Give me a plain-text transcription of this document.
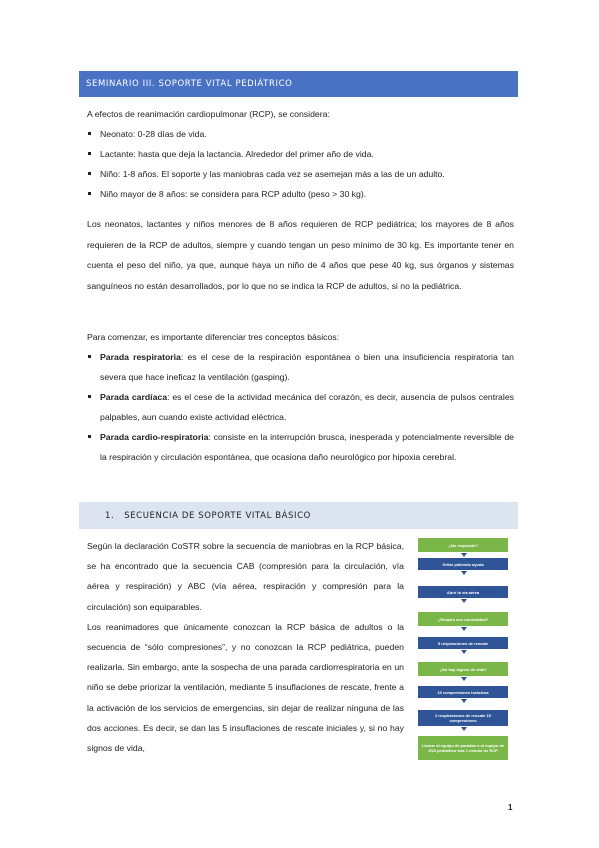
SEMINARIO III. SOPORTE VITAL PEDIÁTRICO
A efectos de reanimación cardiopulmonar (RCP), se considera:
Neonato: 0-28 días de vida.
Lactante: hasta que deja la lactancia. Alrededor del primer año de vida.
Niño: 1-8 años. El soporte y las maniobras cada vez se asemejan más a las de un adulto.
Niño mayor de 8 años: se considera para RCP adulto (peso > 30 kg).

Los neonatos, lactantes y niños menores de 8 años requieren de RCP pediátrica; los mayores de 8 años requieren de la RCP de adultos, siempre y cuando tengan un peso mínimo de 30 kg. Es importante tener en cuenta el peso del niño, ya que, aunque haya un niño de 4 años que pese 40 kg, sus órganos y sistemas sanguíneos no están desarrollados, por lo que no se indica la RCP de adultos, si no la pediátrica.

Para comenzar, es importante diferenciar tres conceptos básicos:
Parada respiratoria: es el cese de la respiración espontánea o bien una insuficiencia respiratoria tan severa que hace ineficaz la ventilación (gasping).
Parada cardíaca: es el cese de la actividad mecánica del corazón, es decir, ausencia de pulsos centrales palpables, aun cuando existe actividad eléctrica.
Parada cardio-respiratoria: consiste en la interrupción brusca, inesperada y potencialmente reversible de la respiración y circulación espontánea, que ocasiona daño neurológico por hipoxia cerebral.
1.   SECUENCIA DE SOPORTE VITAL BÁSICO

Según la declaración CoSTR sobre la secuencia de maniobras en la RCP básica, se ha encontrado que la secuencia CAB (compresión para la circulación, vía aérea y respiración) y ABC (vía aérea, respiración y compresión para la circulación) son equiparables.

Los reanimadores que únicamente conozcan la RCP básica de adultos o la secuencia de “sólo compresiones”, y no conozcan la RCP pediátrica, pueden realizarla. Sin embargo, ante la sospecha de una parada cardiorrespiratoria en un niño se debe priorizar la ventilación, mediante 5 insuflaciones de rescate, frente a la activación de los servicios de emergencias, sin dejar de realizar ninguna de las dos acciones. Es decir, se dan las 5 insuflaciones de rescate iniciales y, si no hay signos de vida,

¿No responde?
Gritar pidiendo ayuda
Abrir la vía aérea
¿Respira con normalidad?
5 respiraciones de rescate
¿No hay signos de vida?
15 compresiones torácicas
2 respiraciones de rescate 15 compresiones
Llamar al equipo de paradas o al equipo de SVA pediátrico tras 1 minuto de RCP
1
